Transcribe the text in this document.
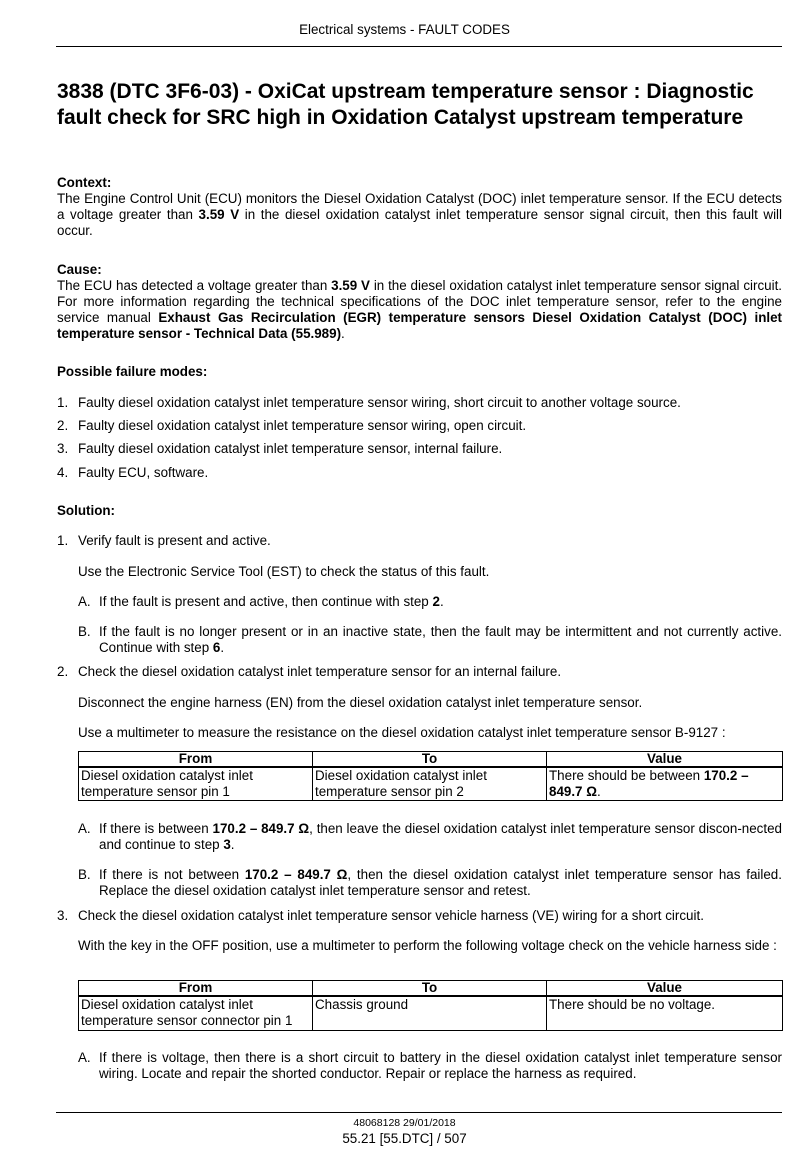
Electrical systems - FAULT CODES
3838 (DTC 3F6-03) - OxiCat upstream temperature sensor : Diagnostic fault check for SRC high in Oxidation Catalyst upstream temperature
Context:
The Engine Control Unit (ECU) monitors the Diesel Oxidation Catalyst (DOC) inlet temperature sensor. If the ECU detects a voltage greater than 3.59 V in the diesel oxidation catalyst inlet temperature sensor signal circuit, then this fault will occur.
Cause:
The ECU has detected a voltage greater than 3.59 V in the diesel oxidation catalyst inlet temperature sensor signal circuit. For more information regarding the technical specifications of the DOC inlet temperature sensor, refer to the engine service manual Exhaust Gas Recirculation (EGR) temperature sensors Diesel Oxidation Catalyst (DOC) inlet temperature sensor - Technical Data (55.989).
Possible failure modes:
1. Faulty diesel oxidation catalyst inlet temperature sensor wiring, short circuit to another voltage source.
2. Faulty diesel oxidation catalyst inlet temperature sensor wiring, open circuit.
3. Faulty diesel oxidation catalyst inlet temperature sensor, internal failure.
4. Faulty ECU, software.
Solution:
1. Verify fault is present and active.
Use the Electronic Service Tool (EST) to check the status of this fault.
A. If the fault is present and active, then continue with step 2.
B. If the fault is no longer present or in an inactive state, then the fault may be intermittent and not currently active. Continue with step 6.
2. Check the diesel oxidation catalyst inlet temperature sensor for an internal failure.
Disconnect the engine harness (EN) from the diesel oxidation catalyst inlet temperature sensor.
Use a multimeter to measure the resistance on the diesel oxidation catalyst inlet temperature sensor B-9127 :
From	To	Value
Diesel oxidation catalyst inlet temperature sensor pin 1	Diesel oxidation catalyst inlet temperature sensor pin 2	There should be between 170.2 – 849.7 Ω.
A. If there is between 170.2 – 849.7 Ω, then leave the diesel oxidation catalyst inlet temperature sensor discon-nected and continue to step 3.
B. If there is not between 170.2 – 849.7 Ω, then the diesel oxidation catalyst inlet temperature sensor has failed. Replace the diesel oxidation catalyst inlet temperature sensor and retest.
3. Check the diesel oxidation catalyst inlet temperature sensor vehicle harness (VE) wiring for a short circuit.
With the key in the OFF position, use a multimeter to perform the following voltage check on the vehicle harness side :
From	To	Value
Diesel oxidation catalyst inlet temperature sensor connector pin 1	Chassis ground	There should be no voltage.
A. If there is voltage, then there is a short circuit to battery in the diesel oxidation catalyst inlet temperature sensor wiring. Locate and repair the shorted conductor. Repair or replace the harness as required.
48068128 29/01/2018
55.21 [55.DTC] / 507
